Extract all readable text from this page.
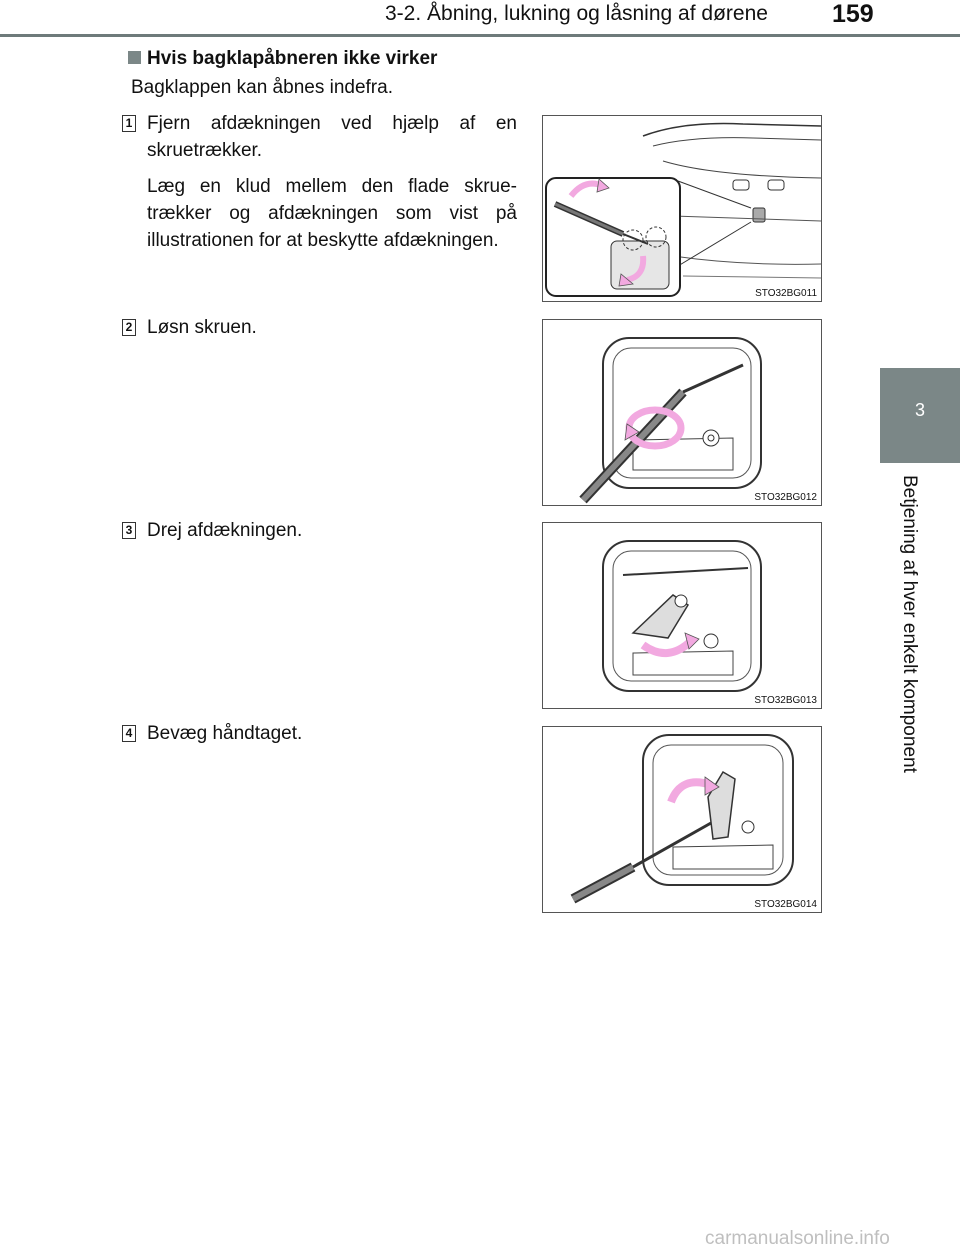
3-2. Åbning, lukning og låsning af dørene	159
3
Betjening af hver enkelt komponent
Hvis bagklapåbneren ikke virker
Bagklappen kan åbnes indefra.
1 Fjern afdækningen ved hjælp af en skruetrækker.

Læg en klud mellem den flade skruetrækker og afdækningen som vist på illustrationen for at beskytte afdækningen.

STO32BG011
2 Løsn skruen.

STO32BG012
3 Drej afdækningen.

STO32BG013
4 Bevæg håndtaget.

STO32BG014
carmanualsonline.info
